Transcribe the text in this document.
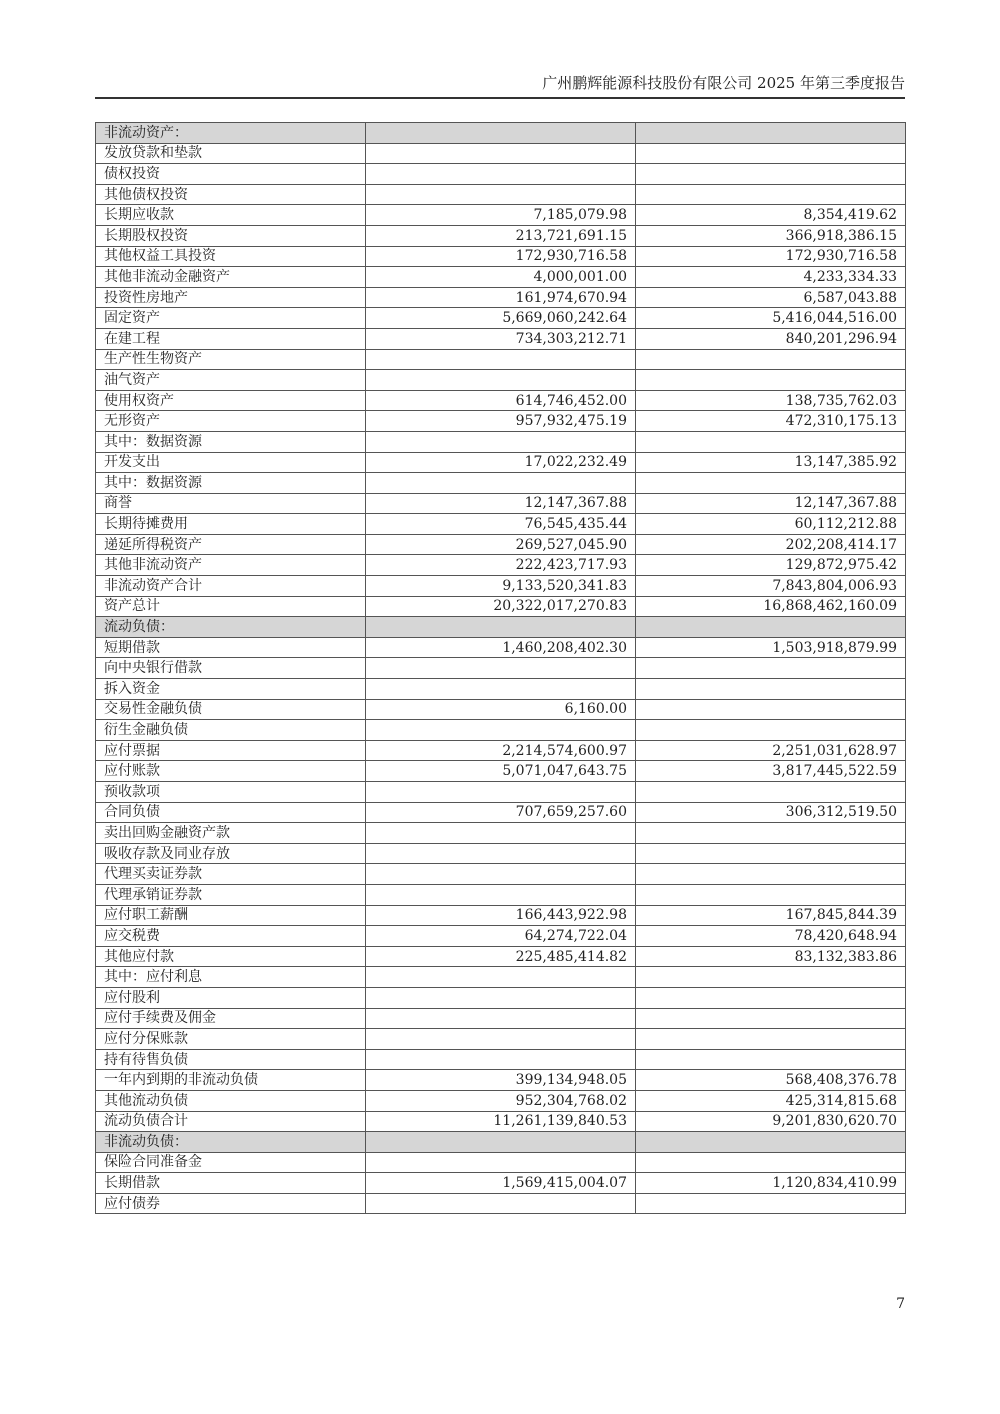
广州鹏辉能源科技股份有限公司 2025 年第三季度报告
非流动资产：		
发放贷款和垫款		
债权投资		
其他债权投资		
长期应收款	7,185,079.98	8,354,419.62
长期股权投资	213,721,691.15	366,918,386.15
其他权益工具投资	172,930,716.58	172,930,716.58
其他非流动金融资产	4,000,001.00	4,233,334.33
投资性房地产	161,974,670.94	6,587,043.88
固定资产	5,669,060,242.64	5,416,044,516.00
在建工程	734,303,212.71	840,201,296.94
生产性生物资产		
油气资产		
使用权资产	614,746,452.00	138,735,762.03
无形资产	957,932,475.19	472,310,175.13
其中：数据资源		
开发支出	17,022,232.49	13,147,385.92
其中：数据资源		
商誉	12,147,367.88	12,147,367.88
长期待摊费用	76,545,435.44	60,112,212.88
递延所得税资产	269,527,045.90	202,208,414.17
其他非流动资产	222,423,717.93	129,872,975.42
非流动资产合计	9,133,520,341.83	7,843,804,006.93
资产总计	20,322,017,270.83	16,868,462,160.09
流动负债：		
短期借款	1,460,208,402.30	1,503,918,879.99
向中央银行借款		
拆入资金		
交易性金融负债	6,160.00	
衍生金融负债		
应付票据	2,214,574,600.97	2,251,031,628.97
应付账款	5,071,047,643.75	3,817,445,522.59
预收款项		
合同负债	707,659,257.60	306,312,519.50
卖出回购金融资产款		
吸收存款及同业存放		
代理买卖证券款		
代理承销证券款		
应付职工薪酬	166,443,922.98	167,845,844.39
应交税费	64,274,722.04	78,420,648.94
其他应付款	225,485,414.82	83,132,383.86
其中：应付利息		
应付股利		
应付手续费及佣金		
应付分保账款		
持有待售负债		
一年内到期的非流动负债	399,134,948.05	568,408,376.78
其他流动负债	952,304,768.02	425,314,815.68
流动负债合计	11,261,139,840.53	9,201,830,620.70
非流动负债：		
保险合同准备金		
长期借款	1,569,415,004.07	1,120,834,410.99
应付债券		
7
